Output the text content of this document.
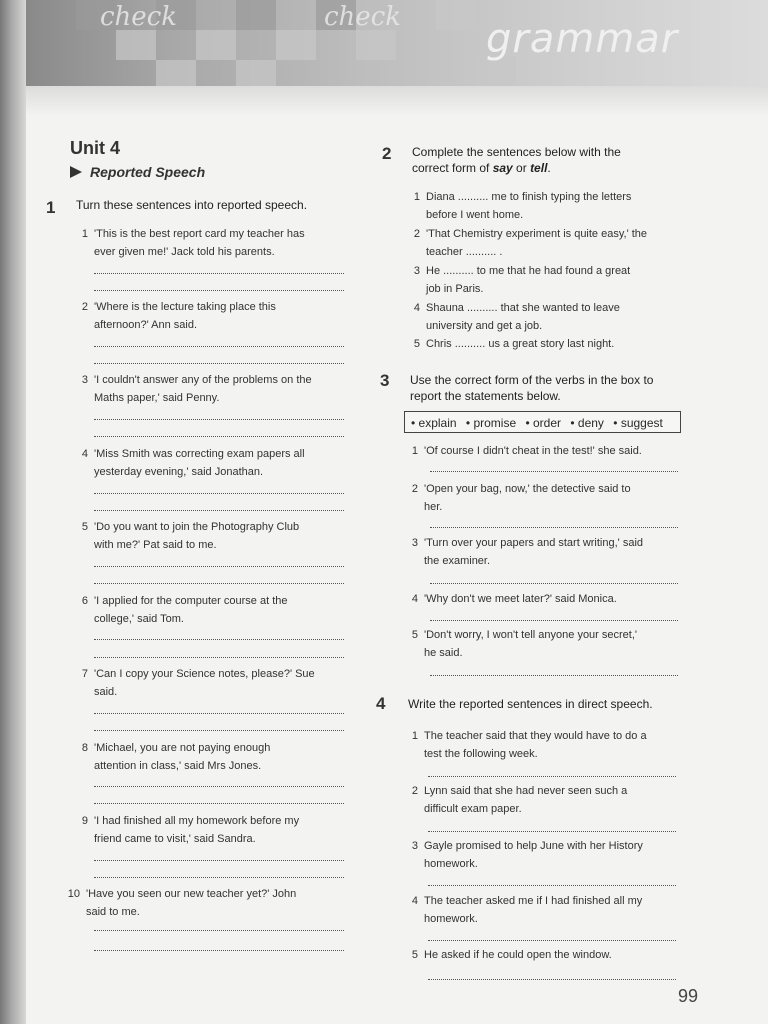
check	check grammar
Unit 4
Reported Speech
1 Turn these sentences into reported speech.
1 'This is the best report card my teacher has
ever given me!' Jack told his parents.
2 'Where is the lecture taking place this
afternoon?' Ann said.
3 'I couldn't answer any of the problems on the
Maths paper,' said Penny.
4 'Miss Smith was correcting exam papers all
yesterday evening,' said Jonathan.
5 'Do you want to join the Photography Club
with me?' Pat said to me.
6 'I applied for the computer course at the
college,' said Tom.
7 'Can I copy your Science notes, please?' Sue
said.
8 'Michael, you are not paying enough
attention in class,' said Mrs Jones.
9 'I had finished all my homework before my
friend came to visit,' said Sandra.
10 'Have you seen our new teacher yet?' John
said to me.
2 Complete the sentences below with the
correct form of say or tell.
1 Diana .......... me to finish typing the letters
before I went home.
2 'That Chemistry experiment is quite easy,' the
teacher .......... .
3 He .......... to me that he had found a great
job in Paris.
4 Shauna .......... that she wanted to leave
university and get a job.
5 Chris .......... us a great story last night.
3 Use the correct form of the verbs in the box to
report the statements below.
• explain • promise • order • deny • suggest
1 'Of course I didn't cheat in the test!' she said.
2 'Open your bag, now,' the detective said to
her.
3 'Turn over your papers and start writing,' said
the examiner.
4 'Why don't we meet later?' said Monica.
5 'Don't worry, I won't tell anyone your secret,'
he said.
4 Write the reported sentences in direct speech.
1 The teacher said that they would have to do a
test the following week.
2 Lynn said that she had never seen such a
difficult exam paper.
3 Gayle promised to help June with her History
homework.
4 The teacher asked me if I had finished all my
homework.
5 He asked if he could open the window.
99
